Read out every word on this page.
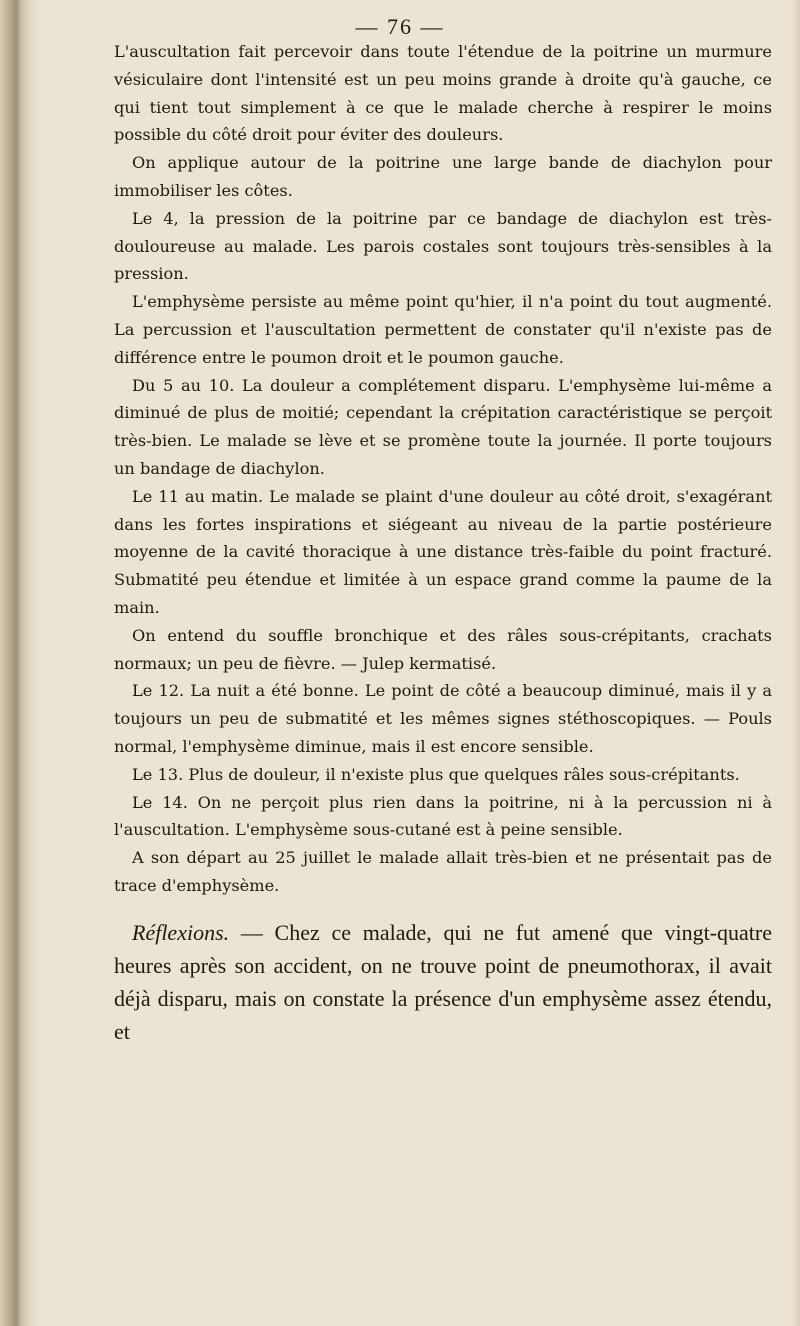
— 76 —

L'auscultation fait percevoir dans toute l'étendue de la poitrine un murmure vésiculaire dont l'intensité est un peu moins grande à droite qu'à gauche, ce qui tient tout simplement à ce que le malade cherche à respirer le moins possible du côté droit pour éviter des douleurs.

On applique autour de la poitrine une large bande de diachylon pour immobiliser les côtes.

Le 4, la pression de la poitrine par ce bandage de diachylon est très-douloureuse au malade. Les parois costales sont toujours très-sensibles à la pression.

L'emphysème persiste au même point qu'hier, il n'a point du tout augmenté. La percussion et l'auscultation permettent de constater qu'il n'existe pas de différence entre le poumon droit et le poumon gauche.

Du 5 au 10. La douleur a complétement disparu. L'emphysème lui-même a diminué de plus de moitié; cependant la crépitation caractéristique se perçoit très-bien. Le malade se lève et se promène toute la journée. Il porte toujours un bandage de diachylon.

Le 11 au matin. Le malade se plaint d'une douleur au côté droit, s'exagérant dans les fortes inspirations et siégeant au niveau de la partie postérieure moyenne de la cavité thoracique à une distance très-faible du point fracturé. Submatité peu étendue et limitée à un espace grand comme la paume de la main.

On entend du souffle bronchique et des râles sous-crépitants, crachats normaux; un peu de fièvre. — Julep kermatisé.

Le 12. La nuit a été bonne. Le point de côté a beaucoup diminué, mais il y a toujours un peu de submatité et les mêmes signes stéthoscopiques. — Pouls normal, l'emphysème diminue, mais il est encore sensible.

Le 13. Plus de douleur, il n'existe plus que quelques râles sous-crépitants.

Le 14. On ne perçoit plus rien dans la poitrine, ni à la percussion ni à l'auscultation. L'emphysème sous-cutané est à peine sensible.

A son départ au 25 juillet le malade allait très-bien et ne présentait pas de trace d'emphysème.

Réflexions. — Chez ce malade, qui ne fut amené que vingt-quatre heures après son accident, on ne trouve point de pneumothorax, il avait déjà disparu, mais on constate la présence d'un emphysème assez étendu, et
